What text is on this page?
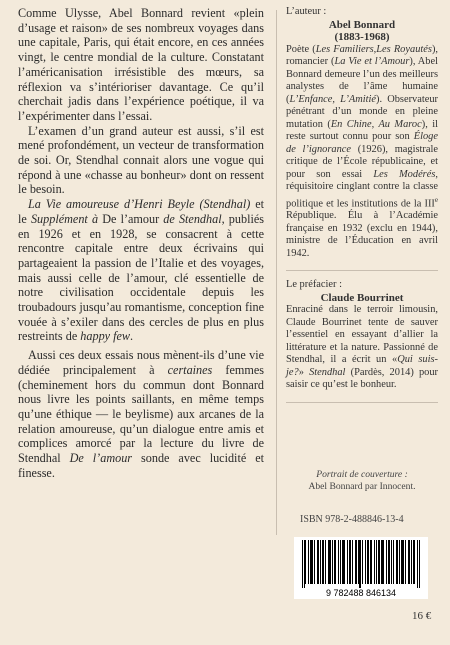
Comme Ulysse, Abel Bonnard revient «plein d’usage et raison» de ses nombreux voyages dans une capitale, Paris, qui était encore, en ces années vingt, le centre mondial de la culture. Constatant l’américanisation irrésistible des mœurs, sa réflexion va s’intérioriser davantage. Ce qu’il cherchait jadis dans l’expérience poétique, il va l’expérimenter dans l’essai.

L’examen d’un grand auteur est aussi, s’il est mené profondément, un vecteur de transformation de soi. Or, Stendhal connait alors une vogue qui répond à une «chasse au bonheur» dont on ressent le besoin.

La Vie amoureuse d’Henri Beyle (Stendhal) et le Supplément à De l’amour de Stendhal, publiés en 1926 et en 1928, se consacrent à cette rencontre capitale entre deux écrivains qui partageaient la passion de l’Italie et des voyages, mais aussi celle de l’amour, clé essentielle de notre civilisation occidentale depuis les troubadours jusqu’au romantisme, conception fine vouée à s’exiler dans des cercles de plus en plus restreints de happy few.

Aussi ces deux essais nous mènent-ils d’une vie dédiée principalement à certaines femmes (cheminement hors du commun dont Bonnard nous livre les points saillants, en même temps qu’une éthique — le beylisme) aux arcanes de la relation amoureuse, qu’un dialogue entre amis et complices amorcé par la lecture du livre de Stendhal De l’amour sonde avec lucidité et finesse.

L’auteur :

Abel Bonnard

(1883-1968)

Poète (Les Familiers,Les Royautés), romancier (La Vie et l’Amour), Abel Bonnard demeure l’un des meilleurs analystes de l’âme humaine (L’Enfance, L’Amitié). Observateur pénétrant d’un monde en pleine mutation (En Chine, Au Maroc), il reste surtout connu pour son Éloge de l’ignorance (1926), magistrale critique de l’École républicaine, et pour son essai Les Modérés, réquisitoire cinglant contre la classe politique et les institutions de la IIIe République. Élu à l’Académie française en 1932 (exclu en 1944), ministre de l’Éducation en avril 1942.

Le préfacier :

Claude Bourrinet

Enraciné dans le terroir limousin, Claude Bourrinet tente de sauver l’essentiel en essayant d’allier la littérature et la nature. Passionné de Stendhal, il a écrit un «Qui suis-je?» Stendhal (Pardès, 2014) pour saisir ce qu’est le bonheur.

Portrait de couverture :
Abel Bonnard par Innocent.
ISBN 978-2-488846-13-4
9 782488 846134
16 €
